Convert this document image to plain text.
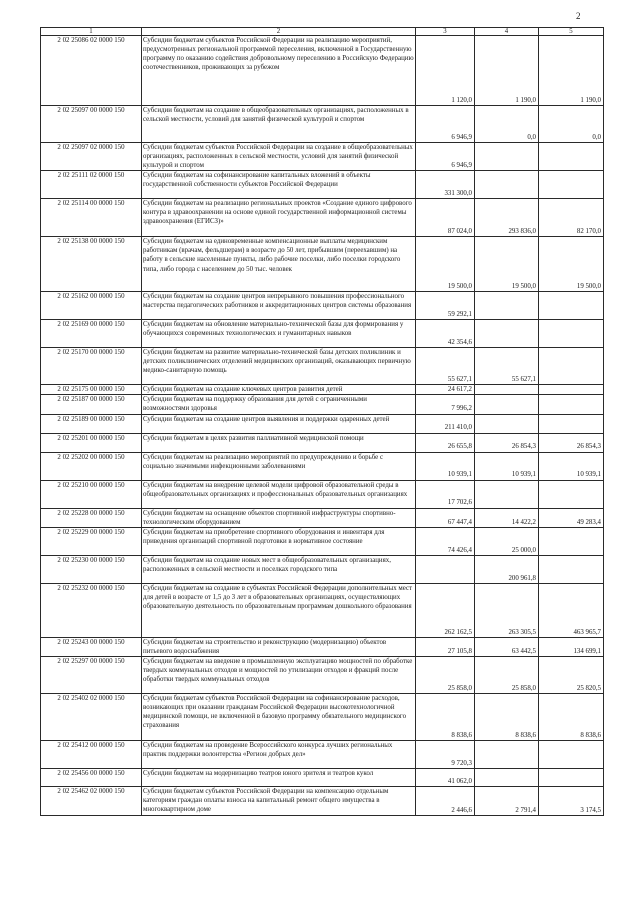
2
1	2	3	4	5
2 02 25086 02 0000 150	Субсидии бюджетам субъектов Российской Федерации на реализацию мероприятий, предусмотренных региональной программой переселения, включенной в Государственную программу по оказанию содействия добровольному переселению в Российскую Федерацию соотечественников, проживающих за рубежом	1 120,0	1 190,0	1 190,0
2 02 25097 00 0000 150	Субсидии бюджетам на создание в общеобразовательных организациях, расположенных в сельской местности, условий для занятий физической культурой и спортом	6 946,9	0,0	0,0
2 02 25097 02 0000 150	Субсидии бюджетам субъектов Российской Федерации на создание в общеобразовательных организациях, расположенных в сельской местности, условий для занятий физической культурой и спортом	6 946,9		
2 02 25111 02 0000 150	Субсидии бюджетам на софинансирование капитальных вложений в объекты государственной собственности субъектов Российской Федерации	331 300,0		
2 02 25114 00 0000 150	Субсидии бюджетам на реализацию региональных проектов «Создание единого цифрового контура в здравоохранении на основе единой государственной информационной системы здравоохранения (ЕГИСЗ)»	87 024,0	293 836,0	82 170,0
2 02 25138 00 0000 150	Субсидии бюджетам на единовременные компенсационные выплаты медицинским работникам (врачам, фельдшерам) в возрасте до 50 лет, прибывшим (переехавшим) на работу в сельские населенные пункты, либо рабочие поселки, либо поселки городского типа, либо города с населением до 50 тыс. человек	19 500,0	19 500,0	19 500,0
2 02 25162 00 0000 150	Субсидии бюджетам на создание центров непрерывного повышения профессионального мастерства педагогических работников и аккредитационных центров системы образования	59 292,1		
2 02 25169 00 0000 150	Субсидии бюджетам на обновление материально-технической базы для формирования у обучающихся современных технологических и гуманитарных навыков	42 354,6		
2 02 25170 00 0000 150	Субсидии бюджетам на развитие материально-технической базы детских поликлиник и детских поликлинических отделений медицинских организаций, оказывающих первичную медико-санитарную помощь	55 627,1	55 627,1	
2 02 25175 00 0000 150	Субсидии бюджетам на создание ключевых центров развития детей	24 617,2		
2 02 25187 00 0000 150	Субсидии бюджетам на поддержку образования для детей с ограниченными возможностями здоровья	7 996,2		
2 02 25189 00 0000 150	Субсидии бюджетам на создание центров выявления и поддержки одаренных детей	211 410,0		
2 02 25201 00 0000 150	Субсидии бюджетам в целях развития паллиативной медицинской помощи	26 655,8	26 854,3	26 854,3
2 02 25202 00 0000 150	Субсидии бюджетам на реализацию мероприятий по предупреждению и борьбе с социально значимыми инфекционными заболеваниями	10 939,1	10 939,1	10 939,1
2 02 25210 00 0000 150	Субсидии бюджетам на внедрение целевой модели цифровой образовательной среды в общеобразовательных организациях и профессиональных образовательных организациях	17 702,6		
2 02 25228 00 0000 150	Субсидии бюджетам на оснащение объектов спортивной инфраструктуры спортивно-технологическим оборудованием	67 447,4	14 422,2	49 283,4
2 02 25229 00 0000 150	Субсидии бюджетам на приобретение спортивного оборудования и инвентаря для приведения организаций спортивной подготовки в нормативное состояние	74 426,4	25 000,0	
2 02 25230 00 0000 150	Субсидии бюджетам на создание новых мест в общеобразовательных организациях, расположенных в сельской местности и поселках городского типа		200 961,8	
2 02 25232 00 0000 150	Субсидии бюджетам на создание в субъектах Российской Федерации дополнительных мест для детей в возрасте от 1,5 до 3 лет в образовательных организациях, осуществляющих образовательную деятельность по образовательным программам дошкольного образования	262 162,5	263 305,5	463 965,7
2 02 25243 00 0000 150	Субсидии бюджетам на строительство и реконструкцию (модернизацию) объектов питьевого водоснабжения	27 105,8	63 442,5	134 699,1
2 02 25297 00 0000 150	Субсидии бюджетам на введение в промышленную эксплуатацию мощностей по обработке твердых коммунальных отходов и мощностей по утилизации отходов и фракций после обработки твердых коммунальных отходов	25 858,0	25 858,0	25 820,5
2 02 25402 02 0000 150	Субсидии бюджетам субъектов Российской Федерации на софинансирование расходов, возникающих при оказании гражданам Российской Федерации высокотехнологичной медицинской помощи, не включенной в базовую программу обязательного медицинского страхования	8 838,6	8 838,6	8 838,6
2 02 25412 00 0000 150	Субсидии бюджетам на проведение Всероссийского конкурса лучших региональных практик поддержки волонтерства «Регион добрых дел»	9 720,3		
2 02 25456 00 0000 150	Субсидии бюджетам на модернизацию театров юного зрителя и театров кукол	41 062,0		
2 02 25462 02 0000 150	Субсидии бюджетам субъектов Российской Федерации на компенсацию отдельным категориям граждан оплаты взноса на капитальный ремонт общего имущества в многоквартирном доме	2 446,6	2 791,4	3 174,5
